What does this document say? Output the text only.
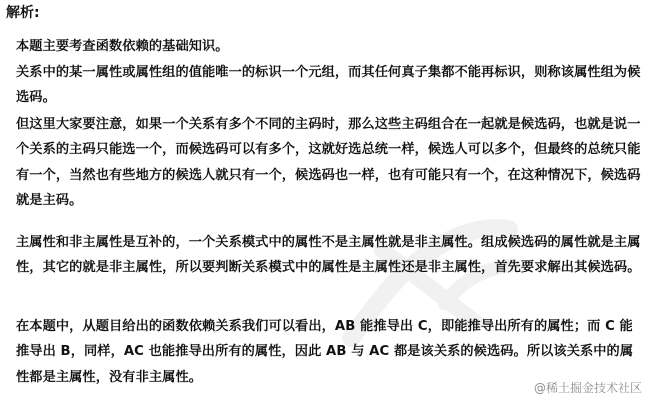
解析:

本题主要考查函数依赖的基础知识。

关系中的某一属性或属性组的值能唯一的标识一个元组，而其任何真子集都不能再标识，则称该属性组为候选码。

但这里大家要注意，如果一个关系有多个不同的主码时，那么这些主码组合在一起就是候选码，也就是说一个关系的主码只能选一个，而候选码可以有多个，这就好选总统一样，候选人可以多个，但最终的总统只能有一个，当然也有些地方的候选人就只有一个，候选码也一样，也有可能只有一个，在这种情况下，候选码就是主码。

主属性和非主属性是互补的，一个关系模式中的属性不是主属性就是非主属性。组成候选码的属性就是主属性，其它的就是非主属性，所以要判断关系模式中的属性是主属性还是非主属性，首先要求解出其候选码。

在本题中，从题目给出的函数依赖关系我们可以看出，AB 能推导出 C，即能推导出所有的属性；而 C 能推导出 B，同样，AC 也能推导出所有的属性，因此 AB 与 AC 都是该关系的候选码。所以该关系中的属性都是主属性，没有非主属性。

@稀土掘金技术社区
